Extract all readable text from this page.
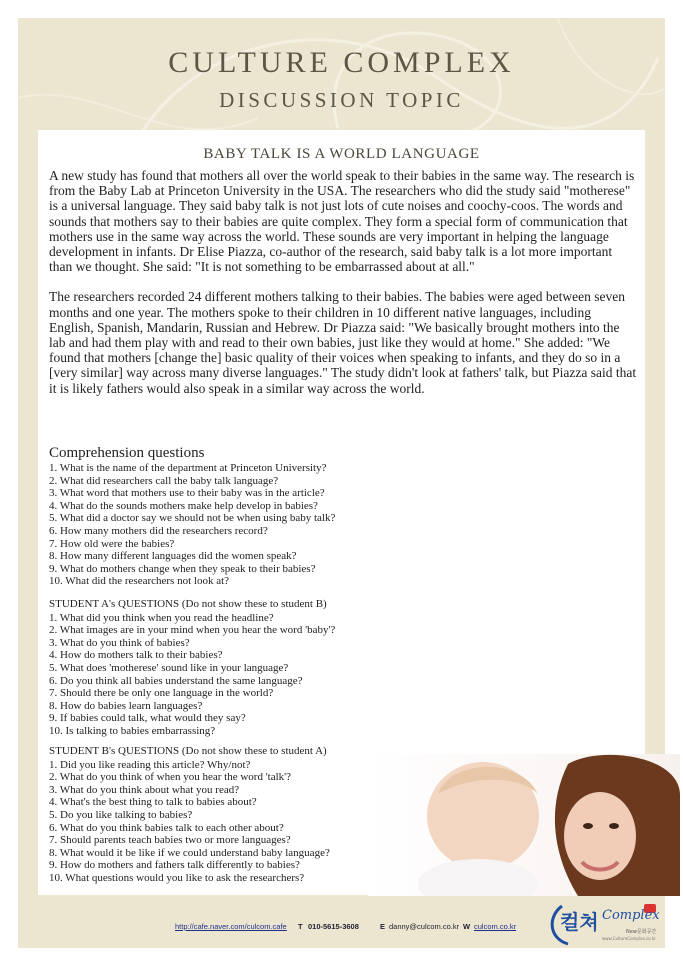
CULTURE COMPLEX
DISCUSSION TOPIC
BABY TALK IS A WORLD LANGUAGE

A new study has found that mothers all over the world speak to their babies in the same way. The research is from the Baby Lab at Princeton University in the USA. The researchers who did the study said "motherese" is a universal language. They said baby talk is not just lots of cute noises and coochy-coos. The words and sounds that mothers say to their babies are quite complex. They form a special form of communication that mothers use in the same way across the world. These sounds are very important in helping the language development in infants. Dr Elise Piazza, co-author of the research, said baby talk is a lot more important than we thought. She said: "It is not something to be embarrassed about at all."

The researchers recorded 24 different mothers talking to their babies. The babies were aged between seven months and one year. The mothers spoke to their children in 10 different native languages, including English, Spanish, Mandarin, Russian and Hebrew. Dr Piazza said: "We basically brought mothers into the lab and had them play with and read to their own babies, just like they would at home." She added: "We found that mothers [change the] basic quality of their voices when speaking to infants, and they do so in a [very similar] way across many diverse languages." The study didn't look at fathers' talk, but Piazza said that it is likely fathers would also speak in a similar way across the world.

Comprehension questions
1. What is the name of the department at Princeton University?
2. What did researchers call the baby talk language?
3. What word that mothers use to their baby was in the article?
4. What do the sounds mothers make help develop in babies?
5. What did a doctor say we should not be when using baby talk?
6. How many mothers did the researchers record?
7. How old were the babies?
8. How many different languages did the women speak?
9. What do mothers change when they speak to their babies?
10. What did the researchers not look at?
STUDENT A's QUESTIONS (Do not show these to student B)
1. What did you think when you read the headline?
2. What images are in your mind when you hear the word 'baby'?
3. What do you think of babies?
4. How do mothers talk to their babies?
5. What does 'motherese' sound like in your language?
6. Do you think all babies understand the same language?
7. Should there be only one language in the world?
8. How do babies learn languages?
9. If babies could talk, what would they say?
10. Is talking to babies embarrassing?
STUDENT B's QUESTIONS (Do not show these to student A)
1. Did you like reading this article? Why/not?
2. What do you think of when you hear the word 'talk'?
3. What do you think about what you read?
4. What's the best thing to talk to babies about?
5. Do you like talking to babies?
6. What do you think babies talk to each other about?
7. Should parents teach babies two or more languages?
8. What would it be like if we could understand baby language?
9. How do mothers and fathers talk differently to babies?
10. What questions would you like to ask the researchers?
http://cafe.naver.com/culcom.cafe T 010-5615-3608	E danny@culcom.co.kr W culcom.co.kr 컬쳐 Complex
New문화공간
www.CultureComplex.co.kr
